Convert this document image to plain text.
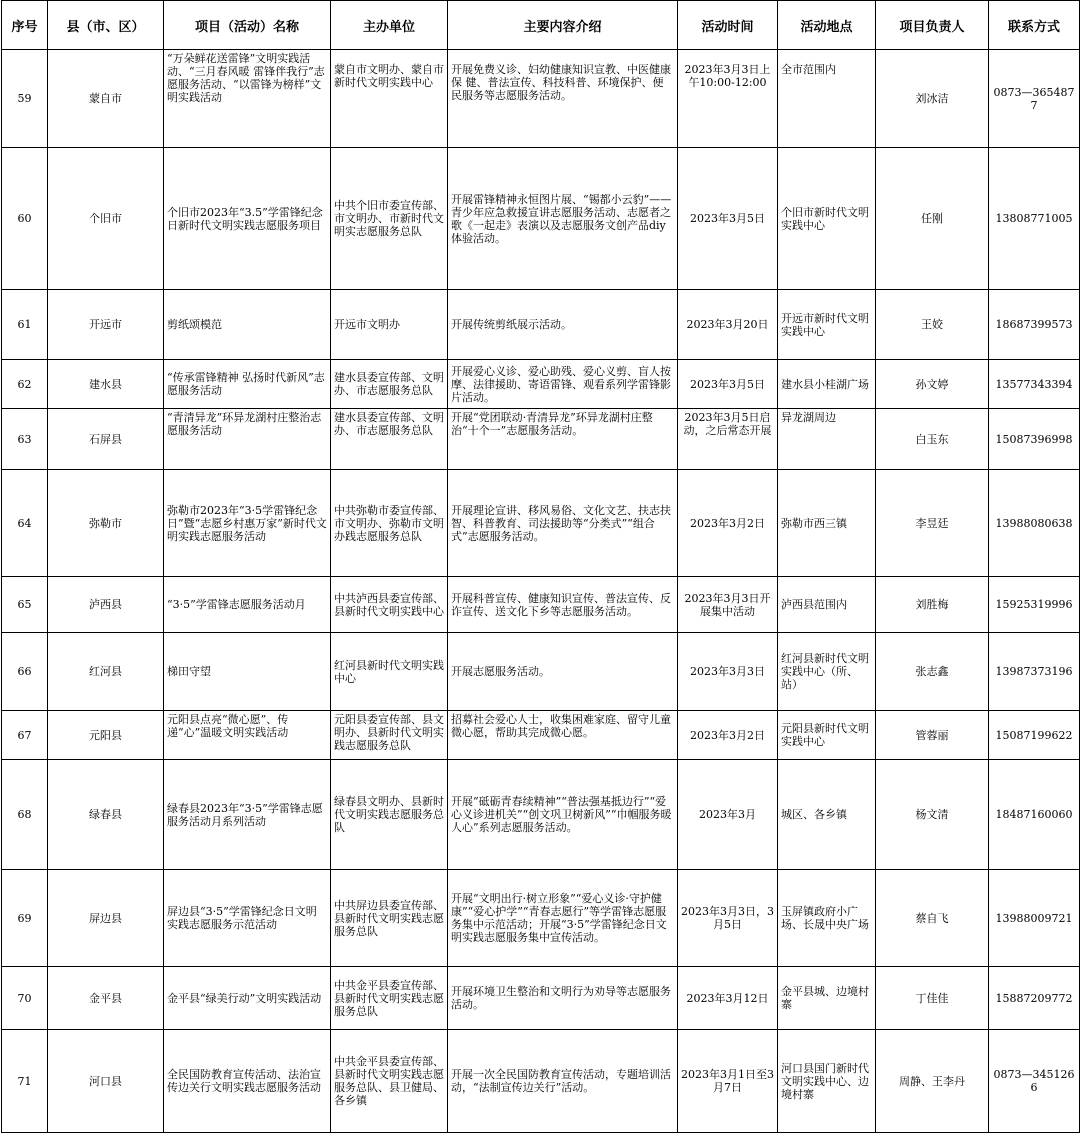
序号	县（市、区）	项目（活动）名称	主办单位	主要内容介绍	活动时间	活动地点	项目负责人	联系方式
59	蒙自市	“万朵鲜花送雷锋”文明实践活动、“三月春风暖 雷锋伴我行”志愿服务活动、“以雷锋为榜样”文明实践活动	蒙自市文明办、蒙自市新时代文明实践中心	开展免费义诊、妇幼健康知识宣教、中医健康保 健、普法宣传、科技科普、环境保护、便民服务等志愿服务活动。	2023年3月3日上午10:00-12:00	全市范围内	刘冰洁	0873—3654877
60	个旧市	个旧市2023年“3.5”学雷锋纪念日新时代文明实践志愿服务项目	中共个旧市委宣传部、市文明办、市新时代文明实志愿服务总队	开展雷锋精神永恒图片展、“锡都小云豹”——青少年应急救援宣讲志愿服务活动、志愿者之歌《一起走》表演以及志愿服务文创产品diy体验活动。	2023年3月5日	个旧市新时代文明实践中心	任刚	13808771005
61	开远市	剪纸颂模范	开远市文明办	开展传统剪纸展示活动。	2023年3月20日	开远市新时代文明实践中心	王姣	18687399573
62	建水县	“传承雷锋精神 弘扬时代新风”志愿服务活动	建水县委宣传部、文明办、市志愿服务总队	开展爱心义诊、爱心助残、爱心义剪、盲人按摩、法律援助、寄语雷锋、观看系列学雷锋影片活动。	2023年3月5日	建水县小桂湖广场	孙文婷	13577343394
63	石屏县	“青清异龙”环异龙湖村庄整治志愿服务活动	建水县委宣传部、文明办、市志愿服务总队	开展“党团联动·青清异龙”环异龙湖村庄整治“十个一”志愿服务活动。	2023年3月5日启动，之后常态开展	异龙湖周边	白玉东	15087396998
64	弥勒市	弥勒市2023年“3·5学雷锋纪念日”暨“志愿乡村惠万家”新时代文明实践志愿服务活动	中共弥勒市委宣传部、市文明办、弥勒市文明办践志愿服务总队	开展理论宣讲、移风易俗、文化文艺、扶志扶智、科普教育、司法援助等“分类式”“组合式”志愿服务活动。	2023年3月2日	弥勒市西三镇	李昱廷	13988080638
65	泸西县	“3·5”学雷锋志愿服务活动月	中共泸西县委宣传部、县新时代文明实践中心	开展科普宣传、健康知识宣传、普法宣传、反诈宣传、送文化下乡等志愿服务活动。	2023年3月3日开展集中活动	泸西县范围内	刘胜梅	15925319996
66	红河县	梯田守望	红河县新时代文明实践中心	开展志愿服务活动。	2023年3月3日	红河县新时代文明实践中心（所、站）	张志鑫	13987373196
67	元阳县	元阳县点亮“微心愿”、传递“心”温暖文明实践活动	元阳县委宣传部、县文明办、县新时代文明实践志愿服务总队	招募社会爱心人士，收集困难家庭、留守儿童微心愿，帮助其完成微心愿。	2023年3月2日	元阳县新时代文明实践中心	管蓉丽	15087199622
68	绿春县	绿春县2023年“3·5”学雷锋志愿服务活动月系列活动	绿春县文明办、县新时代文明实践志愿服务总队	开展“砥砺青春续精神”“普法强基抵边行”“爱心义诊进机关”“创文巩卫树新风”“巾帼服务暖人心”系列志愿服务活动。	2023年3月	城区、各乡镇	杨文清	18487160060
69	屏边县	屏边县“3·5”学雷锋纪念日文明实践志愿服务示范活动	中共屏边县委宣传部、县新时代文明实践志愿服务总队	开展“文明出行·树立形象”“爱心义诊·守护健康”“爱心护学”“青春志愿行”等学雷锋志愿服务集中示范活动；开展“3·5”学雷锋纪念日文明实践志愿服务集中宣传活动。	2023年3月3日，3月5日	玉屏镇政府小广场、长晟中央广场	蔡自飞	13988009721
70	金平县	金平县“绿美行动”文明实践活动	中共金平县委宣传部、县新时代文明实践志愿服务总队	开展环境卫生整治和文明行为劝导等志愿服务活动。	2023年3月12日	金平县城、边境村寨	丁佳佳	15887209772
71	河口县	全民国防教育宣传活动、法治宣传边关行文明实践志愿服务活动	中共金平县委宣传部、县新时代文明实践志愿服务总队、县卫健局、各乡镇	开展一次全民国防教育宣传活动，专题培训活动，“法制宣传边关行”活动。	2023年3月1日至3月7日	河口县国门新时代文明实践中心、边境村寨	周静、王李丹	0873—3451266
